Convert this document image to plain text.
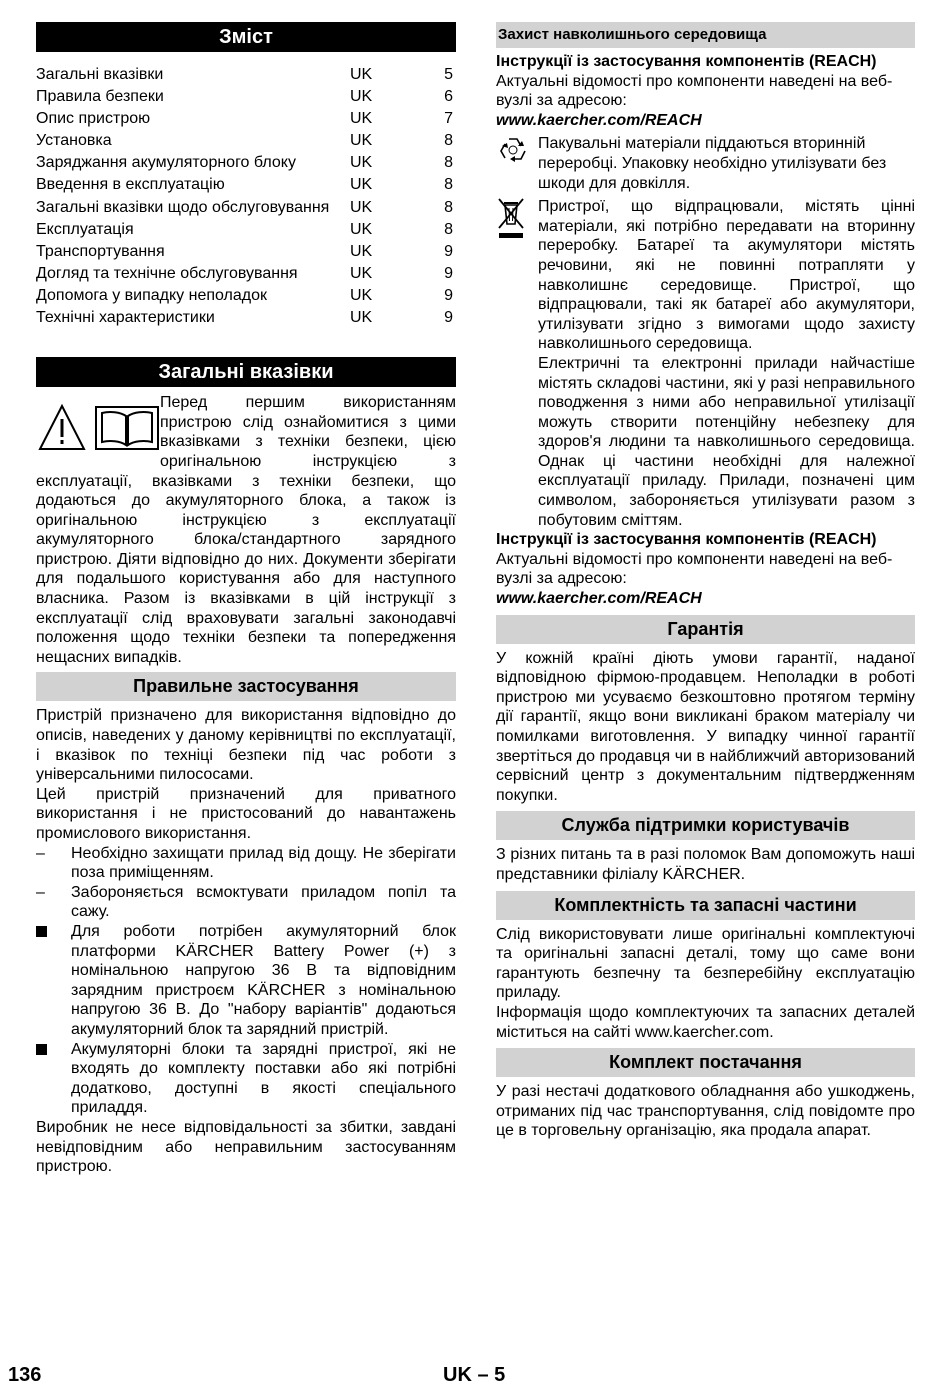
Зміст
Загальні вказівки	UK	5
Правила безпеки	UK	6
Опис пристрою	UK	7
Установка	UK	8
Заряджання акумуляторного блоку	UK	8
Введення в експлуатацію	UK	8
Загальні вказівки щодо обслуговування UK	8
Експлуатація	UK	8
Транспортування	UK	9
Догляд та технічне обслуговування	UK	9
Допомога у випадку неполадок	UK	9
Технічні характеристики	UK	9
Загальні вказівки

Перед першим використанням пристрою слід ознайомитися з цими вказівками з техніки безпеки, цією оригінальною інструкцією з експлуатації, вказівками з техніки безпеки, що додаються до акумуляторного блока, а також із оригінальною інструкцією з експлуатації акумуляторного блока/стандартного зарядного пристрою. Діяти відповідно до них. Документи зберігати для подальшого користування або для наступного власника. Разом із вказівками в цій інструкції з експлуатації слід враховувати загальні законодавчі положення щодо техніки безпеки та попередження нещасних випадків.

Правильне застосування

Пристрій призначено для використання відповідно до описів, наведених у даному керівництві по експлуатації, і вказівок по техніці безпеки під час роботи з універсальними пилососами.

Цей пристрій призначений для приватного використання і не пристосований до навантажень промислового використання.

– Необхідно захищати прилад від дощу. Не зберігати поза приміщенням.
– Забороняється всмоктувати приладом попіл та сажу.
Для роботи потрібен акумуляторний блок платформи KÄRCHER Battery Power (+) з номінальною напругою 36 В та відповідним зарядним пристроєм KÄRCHER з номінальною напругою 36 В. До "набору варіантів" додаються акумуляторний блок та зарядний пристрій.
Акумуляторні блоки та зарядні пристрої, які не входять до комплекту поставки або які потрібні додатково, доступні в якості спеціального приладдя.

Виробник не несе відповідальності за збитки, завдані невідповідним або неправильним застосуванням пристрою.

Захист навколишнього середовища

Інструкції із застосування компонентів (REACH)

Актуальні відомості про компоненти наведені на веб-вузлі за адресою:

www.kaercher.com/REACH

Пакувальні матеріали піддаються вторинній переробці. Упаковку необхідно утилізувати без шкоди для довкілля.

Пристрої, що відпрацювали, містять цінні матеріали, які потрібно передавати на вторинну переробку. Батареї та акумулятори містять речовини, які не повинні потрапляти у навколишнє середовище. Пристрої, що відпрацювали, такі як батареї або акумулятори, утилізувати згідно з вимогами щодо захисту навколишнього середовища.

Електричні та електронні прилади найчастіше містять складові частини, які у разі неправильного поводження з ними або неправильної утилізації можуть створити потенційну небезпеку для здоров'я людини та навколишнього середовища. Однак ці частини необхідні для належної експлуатації приладу. Прилади, позначені цим символом, забороняється утилізувати разом з побутовим сміттям.

Інструкції із застосування компонентів (REACH)

Актуальні відомості про компоненти наведені на веб-вузлі за адресою:

www.kaercher.com/REACH

Гарантія

У кожній країні діють умови гарантії, наданої відповідною фірмою-продавцем. Неполадки в роботі пристрою ми усуваємо безкоштовно протягом терміну дії гарантії, якщо вони викликані браком матеріалу чи помилками виготовлення. У випадку чинної гарантії звертіться до продавця чи в найближчий авторизований сервісний центр з документальним підтвердженням покупки.

Служба підтримки користувачів

З різних питань та в разі поломок Вам допоможуть наші представники філіалу KÄRCHER.

Комплектність та запасні частини

Слід використовувати лише оригінальні комплектуючі та оригінальні запасні деталі, тому що саме вони гарантують безпечну та безперебійну експлуатацію приладу.

Інформація щодо комплектуючих та запасних деталей міститься на сайті www.kaercher.com.

Комплект постачання

У разі нестачі додаткового обладнання або ушкоджень, отриманих під час транспортування, слід повідомте про це в торговельну організацію, яка продала апарат.

136	UK – 5
